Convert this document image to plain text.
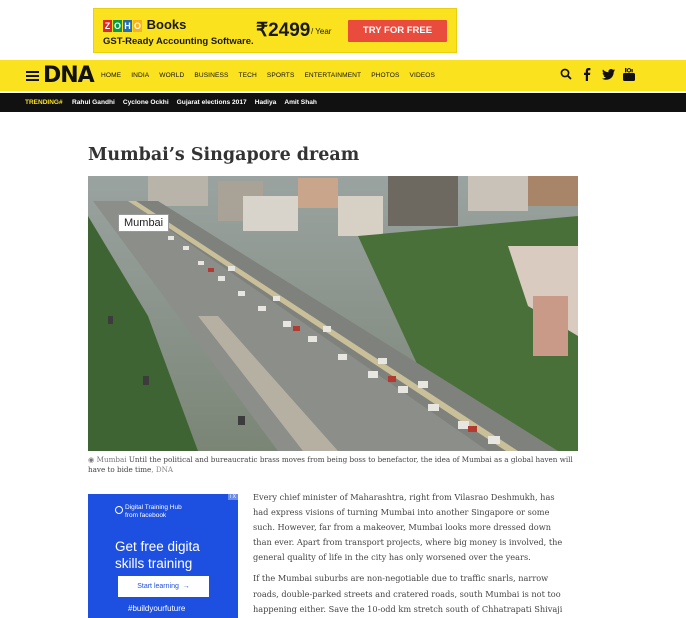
Z O H O Books
GST-Ready Accounting Software.
₹2499 / Year	TRY FOR FREE
DNA HOME INDIA WORLD BUSINESS TECH SPORTS ENTERTAINMENT PHOTOS VIDEOS
TRENDING# Rahul Gandhi Cyclone Ockhi Gujarat elections 2017 Hadiya Amit Shah
Mumbai’s Singapore dream
Mumbai
◉ Mumbai Until the political and bureaucratic brass moves from being boss to benefactor, the idea of Mumbai as a global haven will have to bide time, DNA
i X
Digital Training Hub
from facebook
Get free digita
skills training
Start learning  →
#buildyourfuture

Every chief minister of Maharashtra, right from Vilasrao Deshmukh, has had express visions of turning Mumbai into another Singapore or some such. However, far from a makeover, Mumbai looks more dressed down than ever. Apart from transport projects, where big money is involved, the general quality of life in the city has only worsened over the years.

If the Mumbai suburbs are non-negotiable due to traffic snarls, narrow roads, double-parked streets and cratered roads, south Mumbai is not too happening either. Save the 10-odd km stretch south of Chhatrapati Shivaji
